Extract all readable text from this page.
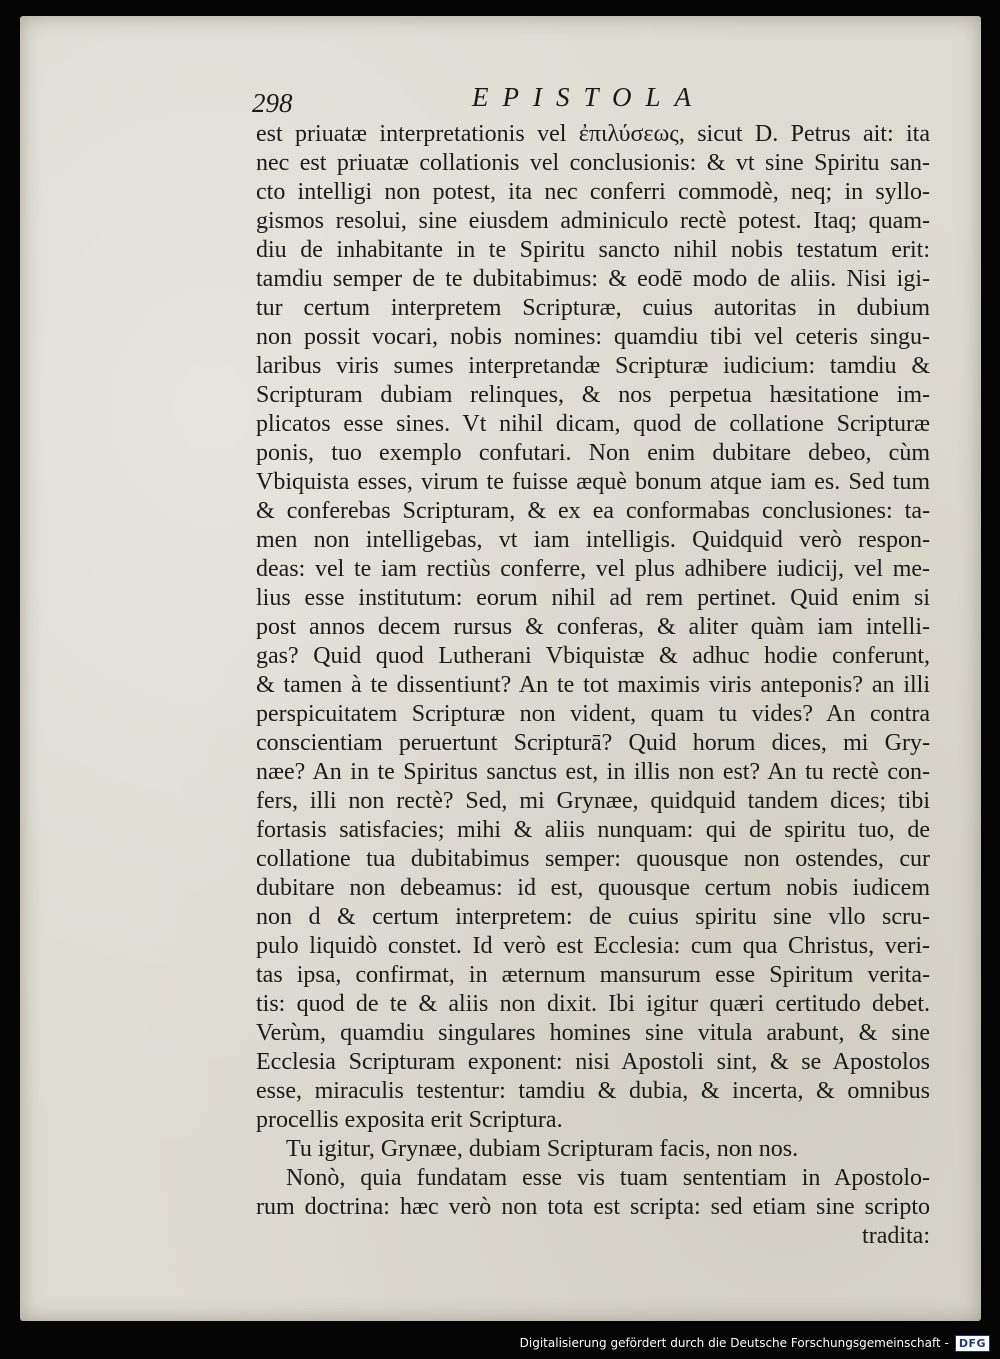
298	EPISTOLA

est priuatæ interpretationis vel ἐπιλύσεως, sicut D. Petrus ait: ita
nec est priuatæ collationis vel conclusionis: & vt sine Spiritu san-
cto intelligi non potest, ita nec conferri commodè, neq; in syllo-
gismos resolui, sine eiusdem adminiculo rectè potest. Itaq; quam-
diu de inhabitante in te Spiritu sancto nihil nobis testatum erit:
tamdiu semper de te dubitabimus: & eodē modo de aliis. Nisi igi-
tur certum interpretem Scripturæ, cuius autoritas in dubium
non possit vocari, nobis nomines: quamdiu tibi vel ceteris singu-
laribus viris sumes interpretandæ Scripturæ iudicium: tamdiu &
Scripturam dubiam relinques, & nos perpetua hæsitatione im-
plicatos esse sines. Vt nihil dicam, quod de collatione Scripturæ
ponis, tuo exemplo confutari. Non enim dubitare debeo, cùm
Vbiquista esses, virum te fuisse æquè bonum atque iam es. Sed tum
& conferebas Scripturam, & ex ea conformabas conclusiones: ta-
men non intelligebas, vt iam intelligis. Quidquid verò respon-
deas: vel te iam rectiùs conferre, vel plus adhibere iudicij, vel me-
lius esse institutum: eorum nihil ad rem pertinet. Quid enim si
post annos decem rursus & conferas, & aliter quàm iam intelli-
gas? Quid quod Lutherani Vbiquistæ & adhuc hodie conferunt,
& tamen à te dissentiunt? An te tot maximis viris anteponis? an illi
perspicuitatem Scripturæ non vident, quam tu vides? An contra
conscientiam peruertunt Scripturā? Quid horum dices, mi Gry-
næe? An in te Spiritus sanctus est, in illis non est? An tu rectè con-
fers, illi non rectè? Sed, mi Grynæe, quidquid tandem dices; tibi
fortasis satisfacies; mihi & aliis nunquam: qui de spiritu tuo, de
collatione tua dubitabimus semper: quousque non ostendes, cur
dubitare non debeamus: id est, quousque certum nobis iudicem
non d & certum interpretem: de cuius spiritu sine vllo scru-
pulo liquidò constet. Id verò est Ecclesia: cum qua Christus, veri-
tas ipsa, confirmat, in æternum mansurum esse Spiritum verita-
tis: quod de te & aliis non dixit. Ibi igitur quæri certitudo debet.
Verùm, quamdiu singulares homines sine vitula arabunt, & sine
Ecclesia Scripturam exponent: nisi Apostoli sint, & se Apostolos
esse, miraculis testentur: tamdiu & dubia, & incerta, & omnibus
procellis exposita erit Scriptura.
Tu igitur, Grynæe, dubiam Scripturam facis, non nos.
Nonò, quia fundatam esse vis tuam sententiam in Apostolo-
rum doctrina: hæc verò non tota est scripta: sed etiam sine scripto
tradita:
Digitalisierung gefördert durch die Deutsche Forschungsgemeinschaft - DFG
